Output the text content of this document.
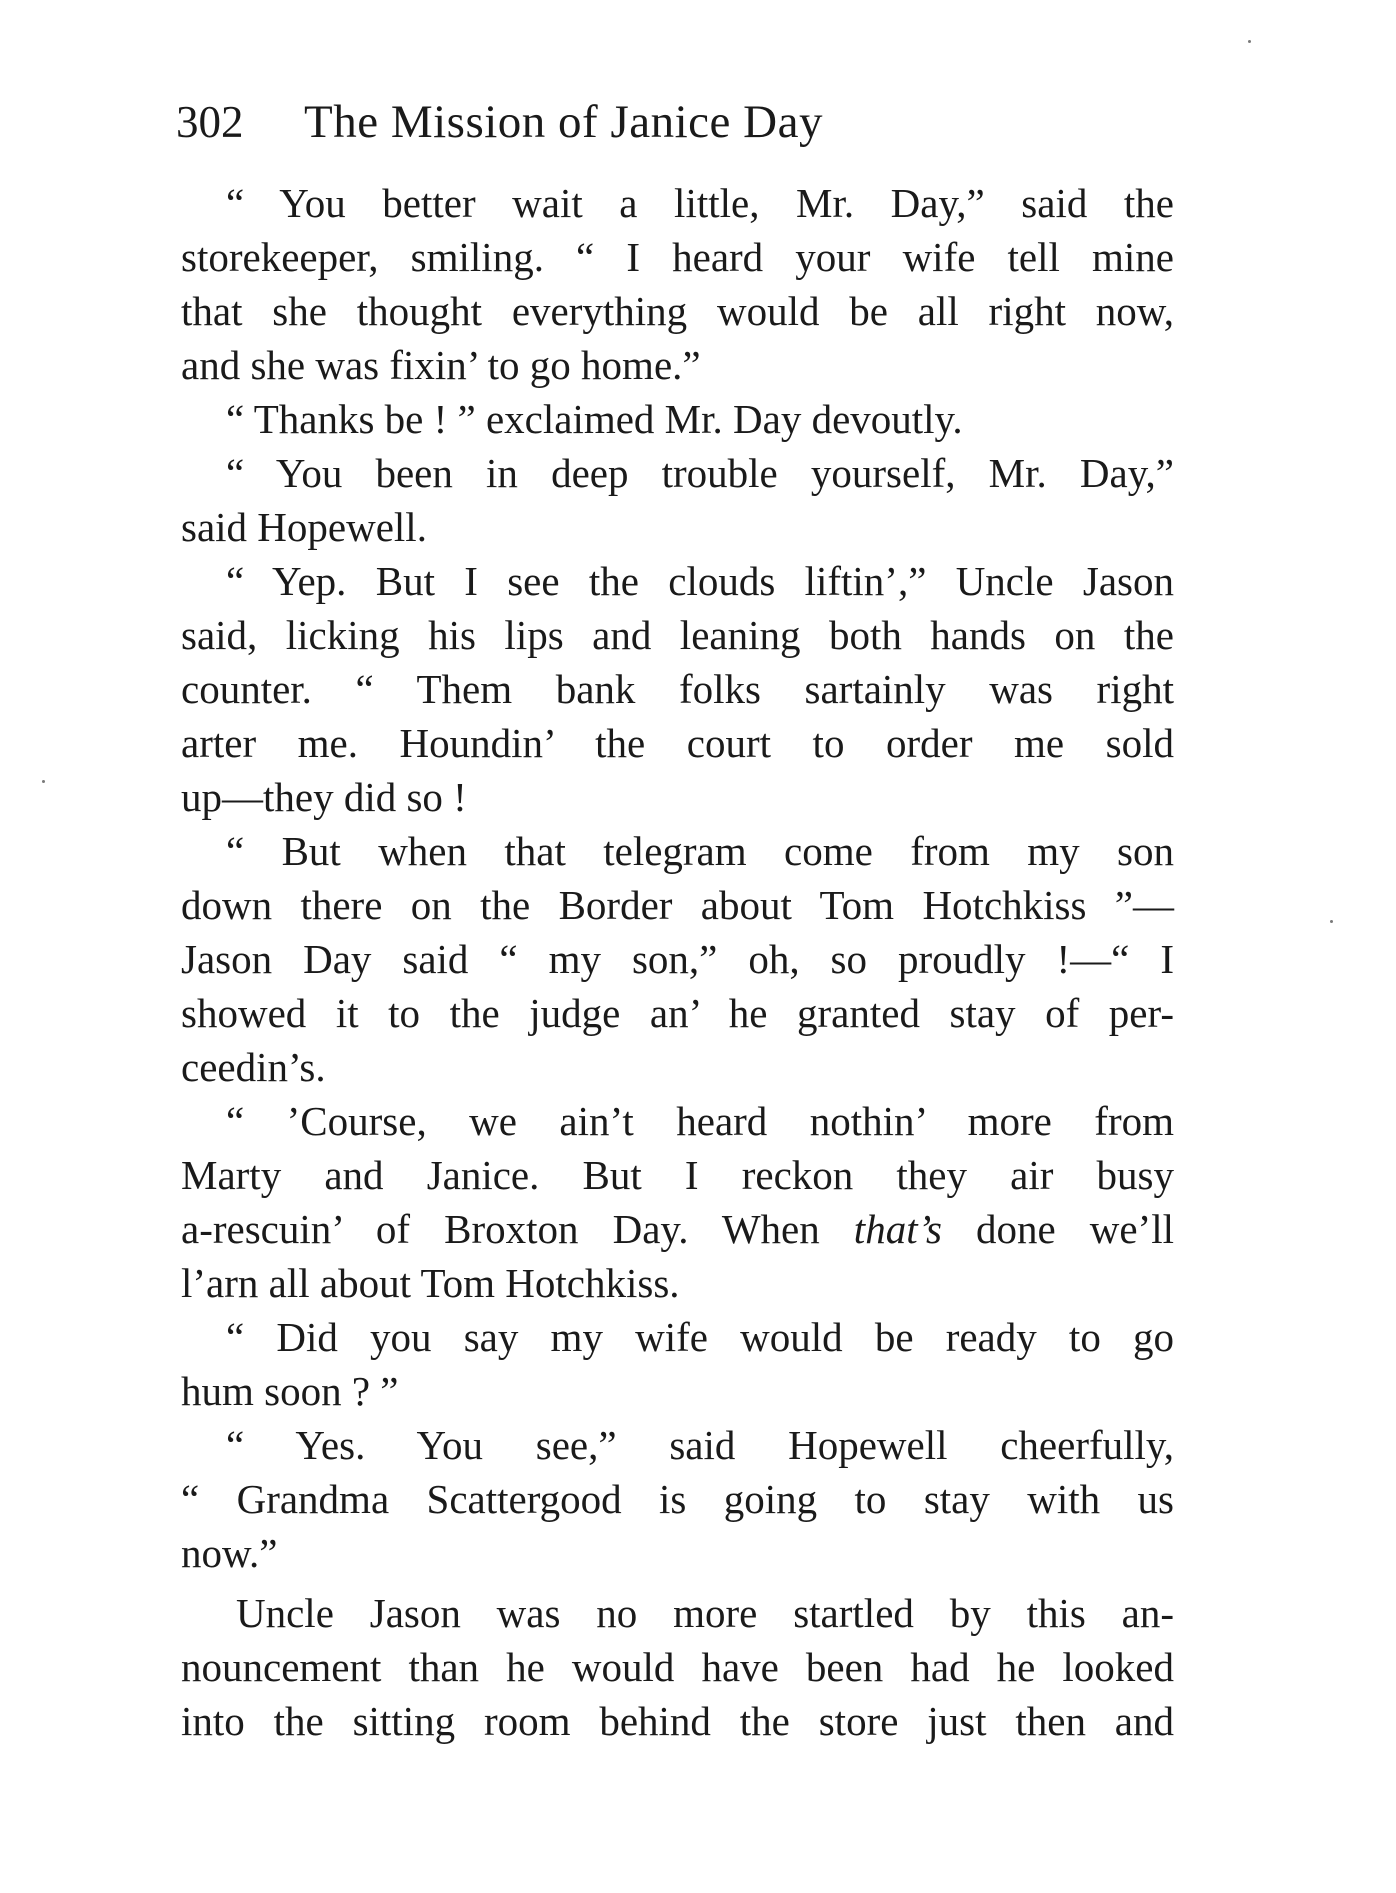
302 The Mission of Janice Day
“ You better wait a little, Mr. Day,” said the
storekeeper, smiling. “ I heard your wife tell mine
that she thought everything would be all right now,
and she was fixin’ to go home.”
“ Thanks be ! ” exclaimed Mr. Day devoutly.
“ You been in deep trouble yourself, Mr. Day,”
said Hopewell.
“ Yep. But I see the clouds liftin’,” Uncle Jason
said, licking his lips and leaning both hands on the
counter. “ Them bank folks sartainly was right
arter me. Houndin’ the court to order me sold
up—they did so !
“ But when that telegram come from my son
down there on the Border about Tom Hotchkiss ”—
Jason Day said “ my son,” oh, so proudly !—“ I
showed it to the judge an’ he granted stay of per-
ceedin’s.
“ ’Course, we ain’t heard nothin’ more from
Marty and Janice. But I reckon they air busy
a-rescuin’ of Broxton Day. When that’s done we’ll
l’arn all about Tom Hotchkiss.
“ Did you say my wife would be ready to go
hum soon ? ”
“ Yes. You see,” said Hopewell cheerfully,
“ Grandma Scattergood is going to stay with us
now.”
Uncle Jason was no more startled by this an-
nouncement than he would have been had he looked
into the sitting room behind the store just then and
